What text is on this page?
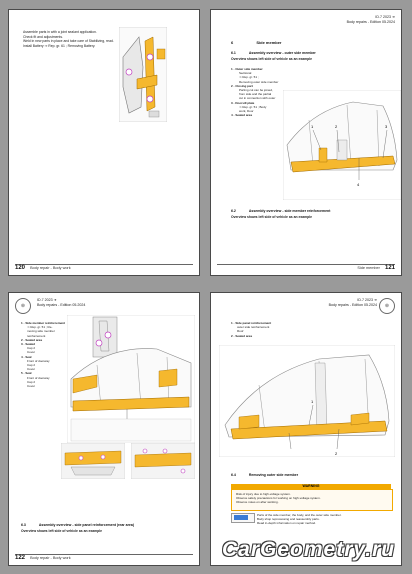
Assemble parts in with a joint sealant application.
Check fit and adjustments.
Weld in new parts in place and take care of Stabilizing, read.
Install Battery ⇒ Rep. gr. 61 ; Removing Battery.
120 Body repair - Body work
ID.7 2023 ➜
Body repairs - Edition 05.2024
6	Side member
6.1	Assembly overview - outer side member
Overview shows left side of vehicle as an example
1 - Outer side member
Sectional
⇒ Rep. gr. 51 ;
Removing outer side member
2 - Closing part
Parting cut can be joined,
from side and the partial
cut in connection with outer
3 - Doorsill plate
⇒ Rep. gr. 51 ; Body
work, Door
4 - Sealed area
1	2
4
3
6.2	Assembly overview - side member reinforcement
Overview shows left side of vehicle as an example
Side member 121
⊛
ID.7 2023 ➜
Body repairs - Edition 05.2024
1 - Side member reinforcement
⇒ Rep. gr. 51 ; Re-
moving side member
reinforcement
2 - Sealed area
3 - Sealed
Cap 2
Cover
4 - Seal
Front of doorway
Cap 2
Cover
5 - Seal
Front of doorway
Cap 2
Cover
6.3	Assembly overview - side panel reinforcement (rear area)
Overview shows left side of vehicle as an example
122 Body repair - Body work
⊛
ID.7 2023 ➜
Body repairs - Edition 05.2024
1 - Side panel reinforcement
outer side reinforcement
Roof
2 - Sealed area
1
2
6.4	Removing outer side member
WARNING
Risk of injury due to high-voltage system.
Observe safety precautions for working on high-voltage system.
Observe notes on after working.
Parts of the side member, the body, and the outer side member.
Body shop reprocessing and reassembly parts.
Read in-depth information on repair method.
CarGeometry.ru
